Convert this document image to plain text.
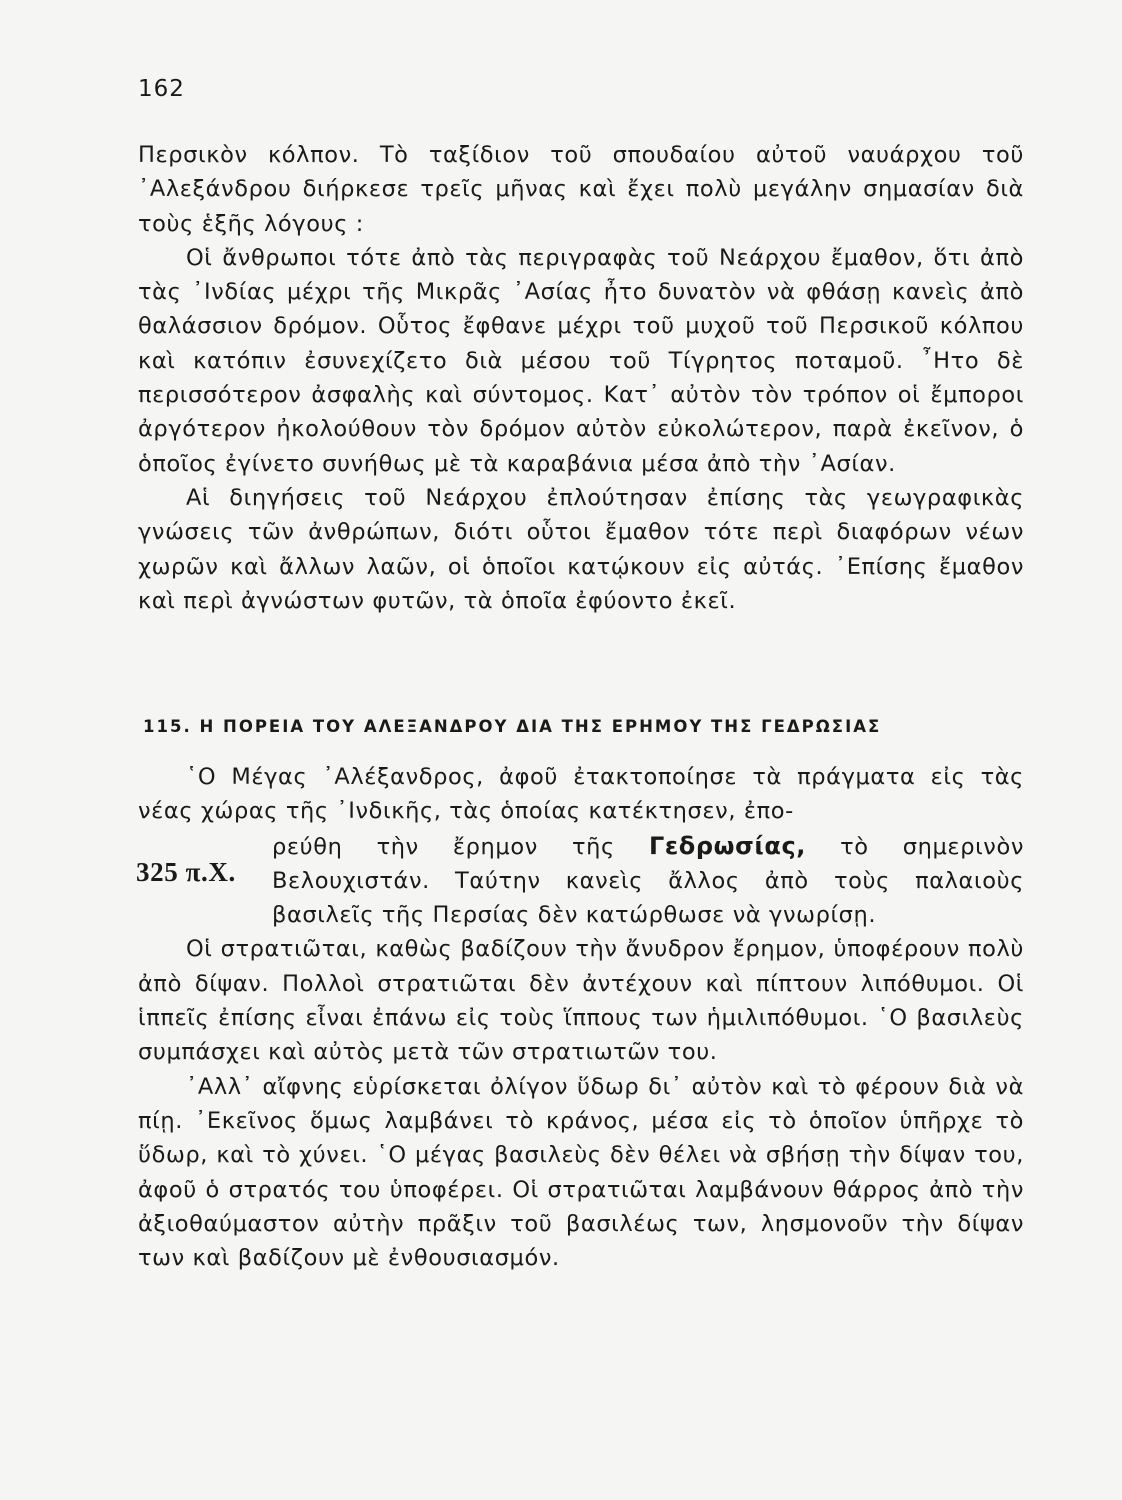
162

Περσικὸν κόλπον. Τὸ ταξίδιον τοῦ σπουδαίου αὐτοῦ ναυάρχου τοῦ ᾿Αλεξάνδρου διήρκεσε τρεῖς μῆνας καὶ ἔχει πολὺ μεγάλην σημασίαν διὰ τοὺς ἑξῆς λόγους :

Οἱ ἄνθρωποι τότε ἀπὸ τὰς περιγραφὰς τοῦ Νεάρχου ἔμαθον, ὅτι ἀπὸ τὰς ᾿Ινδίας μέχρι τῆς Μικρᾶς ᾿Ασίας ἦτο δυνατὸν νὰ φθάσῃ κανεὶς ἀπὸ θαλάσσιον δρόμον. Οὗτος ἔφθανε μέχρι τοῦ μυχοῦ τοῦ Περσικοῦ κόλπου καὶ κατόπιν ἐσυνεχίζετο διὰ μέσου τοῦ Τίγρητος ποταμοῦ. ῏Ητο δὲ περισσότερον ἀσφαλὴς καὶ σύντομος. Κατ᾿ αὐτὸν τὸν τρόπον οἱ ἔμποροι ἀργότερον ἠκολούθουν τὸν δρόμον αὐτὸν εὐκολώτερον, παρὰ ἐκεῖνον, ὁ ὁποῖος ἐγίνετο συνήθως μὲ τὰ καραβάνια μέσα ἀπὸ τὴν ᾿Ασίαν.

Αἱ διηγήσεις τοῦ Νεάρχου ἐπλούτησαν ἐπίσης τὰς γεωγραφικὰς γνώσεις τῶν ἀνθρώπων, διότι οὗτοι ἔμαθον τότε περὶ διαφόρων νέων χωρῶν καὶ ἄλλων λαῶν, οἱ ὁποῖοι κατῴκουν εἰς αὐτάς. ᾿Επίσης ἔμαθον καὶ περὶ ἀγνώστων φυτῶν, τὰ ὁποῖα ἐφύοντο ἐκεῖ.

115. Η ΠΟΡΕΙΑ ΤΟΥ ΑΛΕΞΑΝΔΡΟΥ ΔΙΑ ΤΗΣ ΕΡΗΜΟΥ ΤΗΣ ΓΕΔΡΩΣΙΑΣ

῾Ο Μέγας ᾿Αλέξανδρος, ἀφοῦ ἐτακτοποίησε τὰ πράγματα εἰς τὰς νέας χώρας τῆς ᾿Ινδικῆς, τὰς ὁποίας κατέκτησεν, ἐπο-

325 π.Χ.

ρεύθη τὴν ἔρημον τῆς Γεδρωσίας, τὸ σημερινὸν Βελουχιστάν. Ταύτην κανεὶς ἄλλος ἀπὸ τοὺς παλαιοὺς βασιλεῖς τῆς Περσίας δὲν κατώρθωσε νὰ γνωρίσῃ.

Οἱ στρατιῶται, καθὼς βαδίζουν τὴν ἄνυδρον ἔρημον, ὑποφέρουν πολὺ ἀπὸ δίψαν. Πολλοὶ στρατιῶται δὲν ἀντέχουν καὶ πίπτουν λιπόθυμοι. Οἱ ἱππεῖς ἐπίσης εἶναι ἐπάνω εἰς τοὺς ἵππους των ἡμιλιπόθυμοι. ῾Ο βασιλεὺς συμπάσχει καὶ αὐτὸς μετὰ τῶν στρατιωτῶν του.

᾿Αλλ᾿ αἴφνης εὑρίσκεται ὀλίγον ὕδωρ δι᾿ αὐτὸν καὶ τὸ φέρουν διὰ νὰ πίῃ. ᾿Εκεῖνος ὅμως λαμβάνει τὸ κράνος, μέσα εἰς τὸ ὁποῖον ὑπῆρχε τὸ ὕδωρ, καὶ τὸ χύνει. ῾Ο μέγας βασιλεὺς δὲν θέλει νὰ σβήσῃ τὴν δίψαν του, ἀφοῦ ὁ στρατός του ὑποφέρει. Οἱ στρατιῶται λαμβάνουν θάρρος ἀπὸ τὴν ἀξιοθαύμαστον αὐτὴν πρᾶξιν τοῦ βασιλέως των, λησμονοῦν τὴν δίψαν των καὶ βαδίζουν μὲ ἐνθουσιασμόν.
